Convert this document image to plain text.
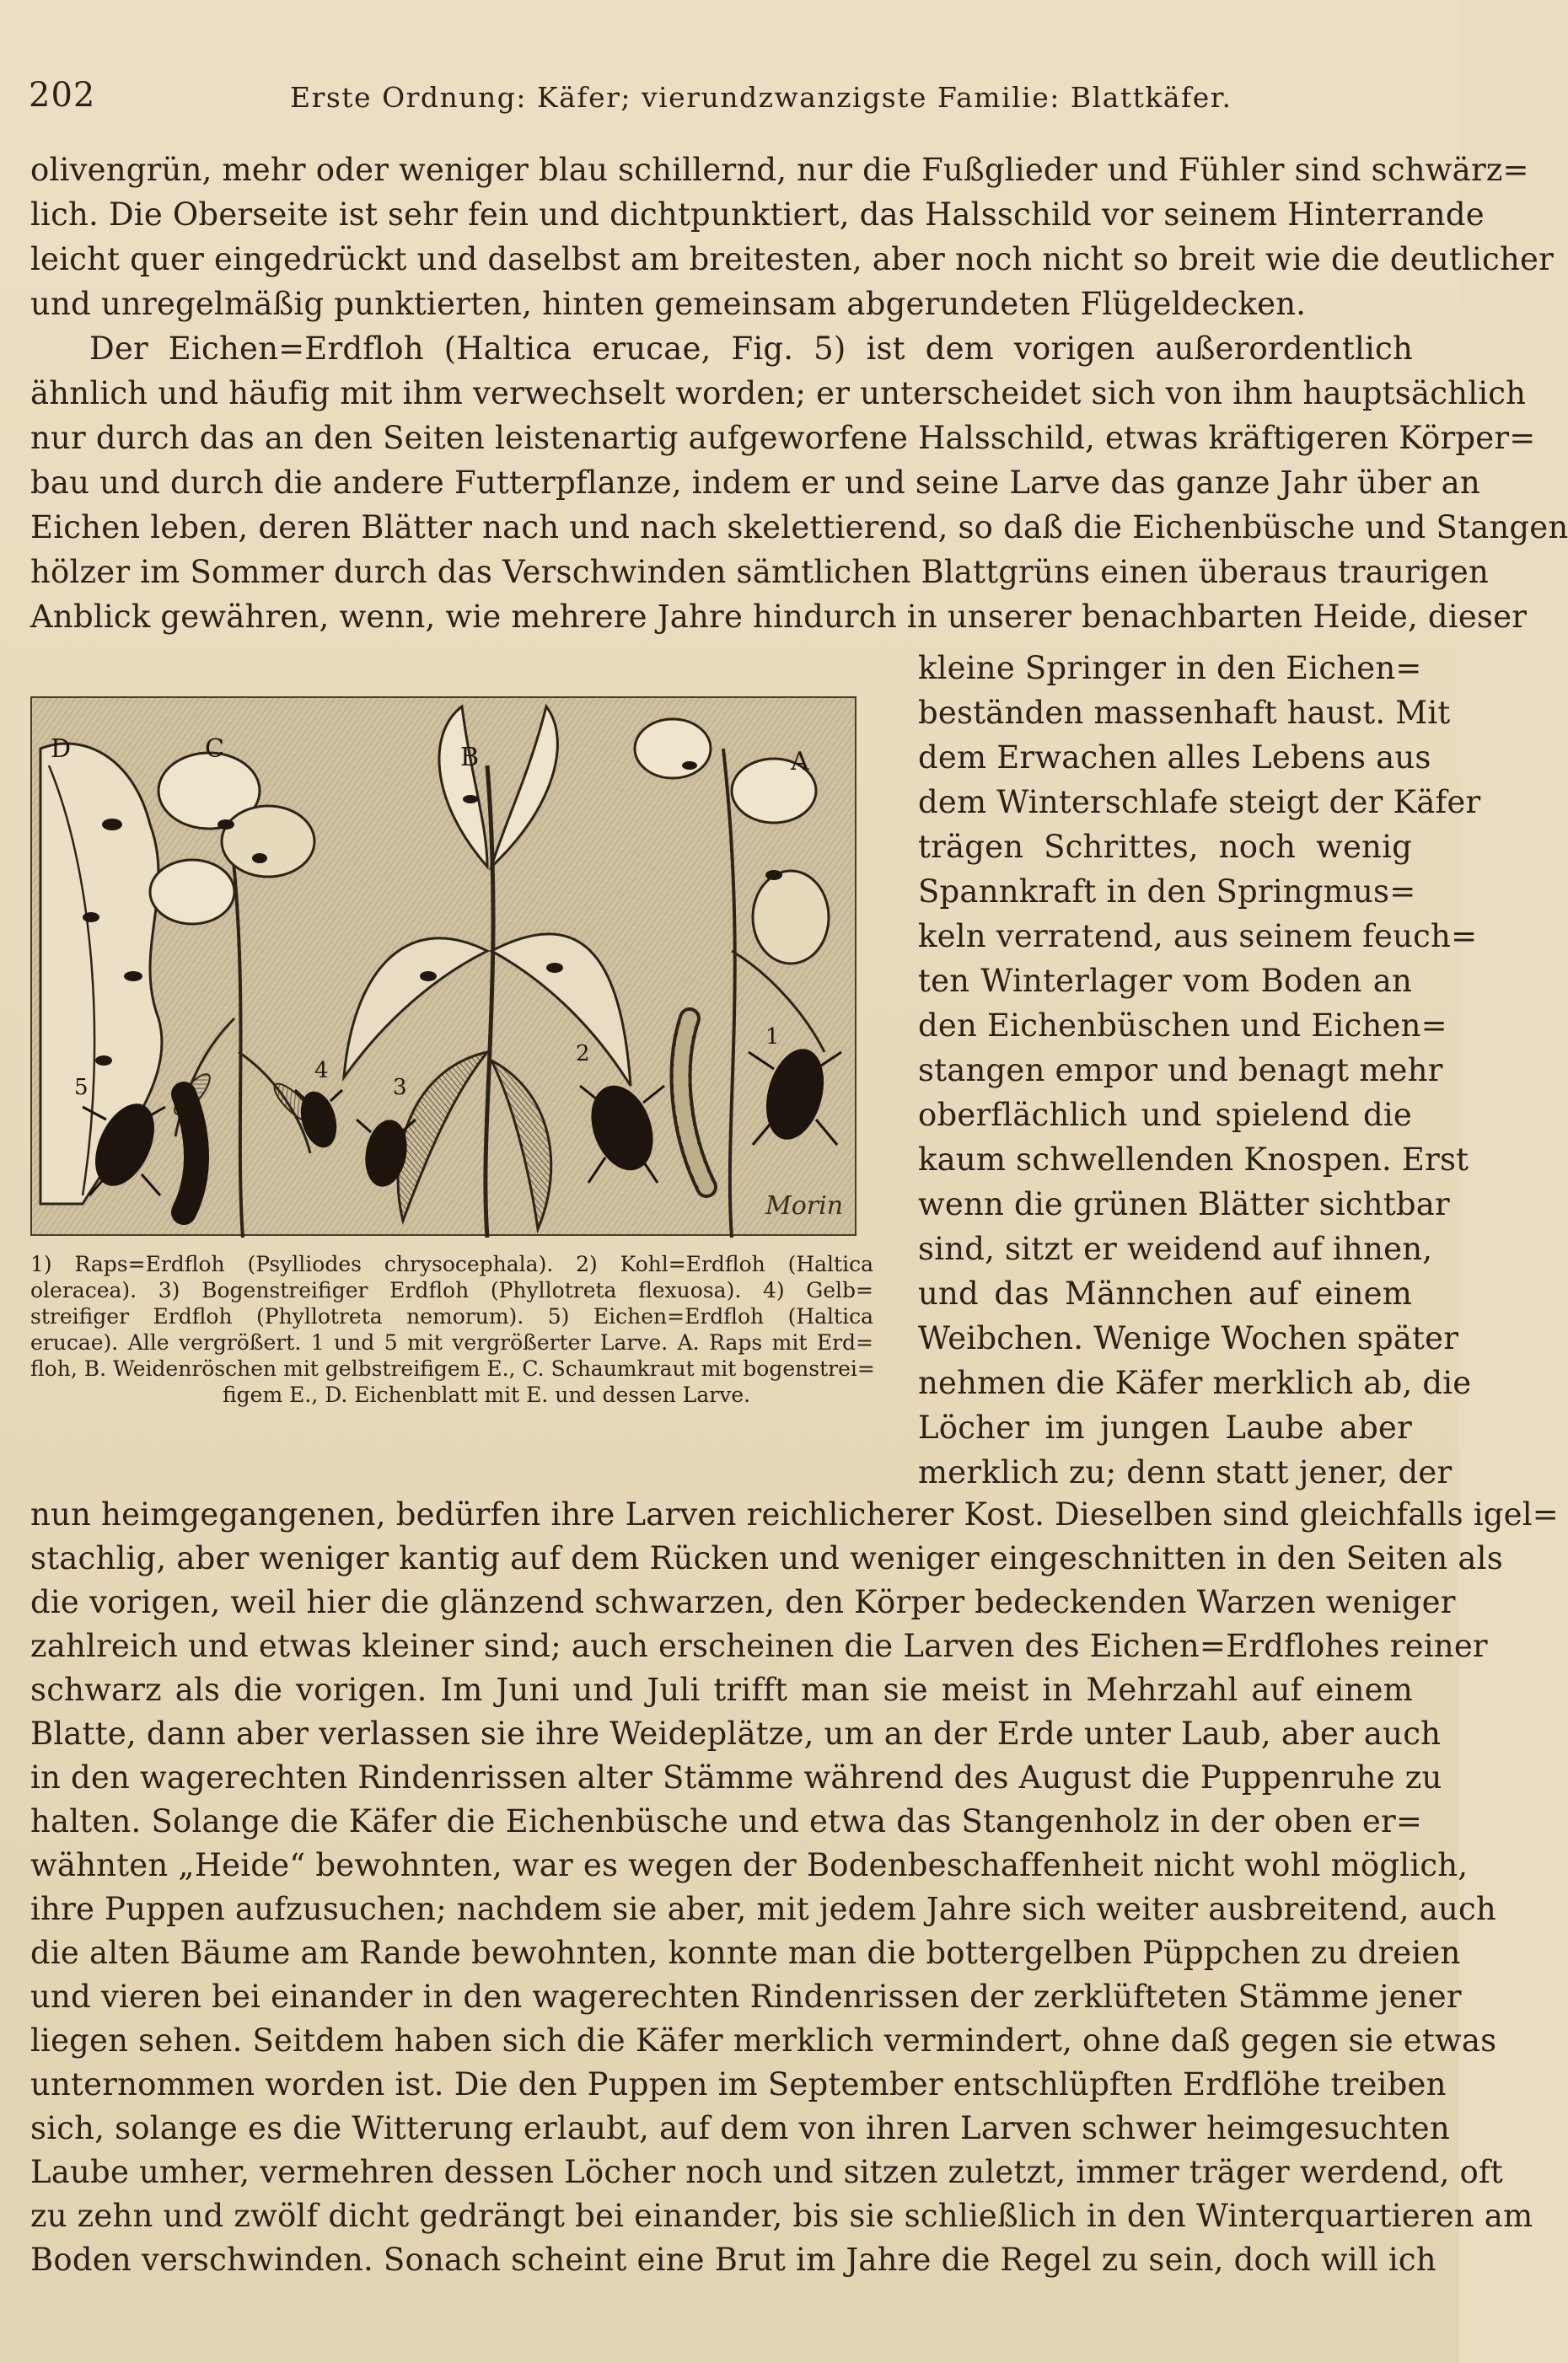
202	Erste Ordnung: Käfer; vierundzwanzigste Familie: Blattkäfer.
olivengrün, mehr oder weniger blau schillernd, nur die Fußglieder und Fühler sind schwärz=
lich. Die Oberseite ist sehr fein und dichtpunktiert, das Halsschild vor seinem Hinterrande
leicht quer eingedrückt und daselbst am breitesten, aber noch nicht so breit wie die deutlicher
und unregelmäßig punktierten, hinten gemeinsam abgerundeten Flügeldecken.
Der Eichen=Erdfloh (Haltica erucae, Fig. 5) ist dem vorigen außerordentlich
ähnlich und häufig mit ihm verwechselt worden; er unterscheidet sich von ihm hauptsächlich
nur durch das an den Seiten leistenartig aufgeworfene Halsschild, etwas kräftigeren Körper=
bau und durch die andere Futterpflanze, indem er und seine Larve das ganze Jahr über an
Eichen leben, deren Blätter nach und nach skelettierend, so daß die Eichenbüsche und Stangen
hölzer im Sommer durch das Verschwinden sämtlichen Blattgrüns einen überaus traurigen
Anblick gewähren, wenn, wie mehrere Jahre hindurch in unserer benachbarten Heide, dieser
D	C	B	A
5
4
3
2
1
Morin
1) Raps=Erdfloh (Psylliodes chrysocephala). 2) Kohl=Erdfloh (Haltica
oleracea). 3) Bogenstreifiger Erdfloh (Phyllotreta flexuosa). 4) Gelb=
streifiger Erdfloh (Phyllotreta nemorum). 5) Eichen=Erdfloh (Haltica
erucae). Alle vergrößert. 1 und 5 mit vergrößerter Larve. A. Raps mit Erd=
floh, B. Weidenröschen mit gelbstreifigem E., C. Schaumkraut mit bogenstrei=
figem E., D. Eichenblatt mit E. und dessen Larve.
kleine Springer in den Eichen=
beständen massenhaft haust. Mit
dem Erwachen alles Lebens aus
dem Winterschlafe steigt der Käfer
trägen Schrittes, noch wenig
Spannkraft in den Springmus=
keln verratend, aus seinem feuch=
ten Winterlager vom Boden an
den Eichenbüschen und Eichen=
stangen empor und benagt mehr
oberflächlich und spielend die
kaum schwellenden Knospen. Erst
wenn die grünen Blätter sichtbar
sind, sitzt er weidend auf ihnen,
und das Männchen auf einem
Weibchen. Wenige Wochen später
nehmen die Käfer merklich ab, die
Löcher im jungen Laube aber
merklich zu; denn statt jener, der
nun heimgegangenen, bedürfen ihre Larven reichlicherer Kost. Dieselben sind gleichfalls igel=
stachlig, aber weniger kantig auf dem Rücken und weniger eingeschnitten in den Seiten als
die vorigen, weil hier die glänzend schwarzen, den Körper bedeckenden Warzen weniger
zahlreich und etwas kleiner sind; auch erscheinen die Larven des Eichen=Erdflohes reiner
schwarz als die vorigen. Im Juni und Juli trifft man sie meist in Mehrzahl auf einem
Blatte, dann aber verlassen sie ihre Weideplätze, um an der Erde unter Laub, aber auch
in den wagerechten Rindenrissen alter Stämme während des August die Puppenruhe zu
halten. Solange die Käfer die Eichenbüsche und etwa das Stangenholz in der oben er=
wähnten „Heide“ bewohnten, war es wegen der Bodenbeschaffenheit nicht wohl möglich,
ihre Puppen aufzusuchen; nachdem sie aber, mit jedem Jahre sich weiter ausbreitend, auch
die alten Bäume am Rande bewohnten, konnte man die bottergelben Püppchen zu dreien
und vieren bei einander in den wagerechten Rindenrissen der zerklüfteten Stämme jener
liegen sehen. Seitdem haben sich die Käfer merklich vermindert, ohne daß gegen sie etwas
unternommen worden ist. Die den Puppen im September entschlüpften Erdflöhe treiben
sich, solange es die Witterung erlaubt, auf dem von ihren Larven schwer heimgesuchten
Laube umher, vermehren dessen Löcher noch und sitzen zuletzt, immer träger werdend, oft
zu zehn und zwölf dicht gedrängt bei einander, bis sie schließlich in den Winterquartieren am
Boden verschwinden. Sonach scheint eine Brut im Jahre die Regel zu sein, doch will ich
